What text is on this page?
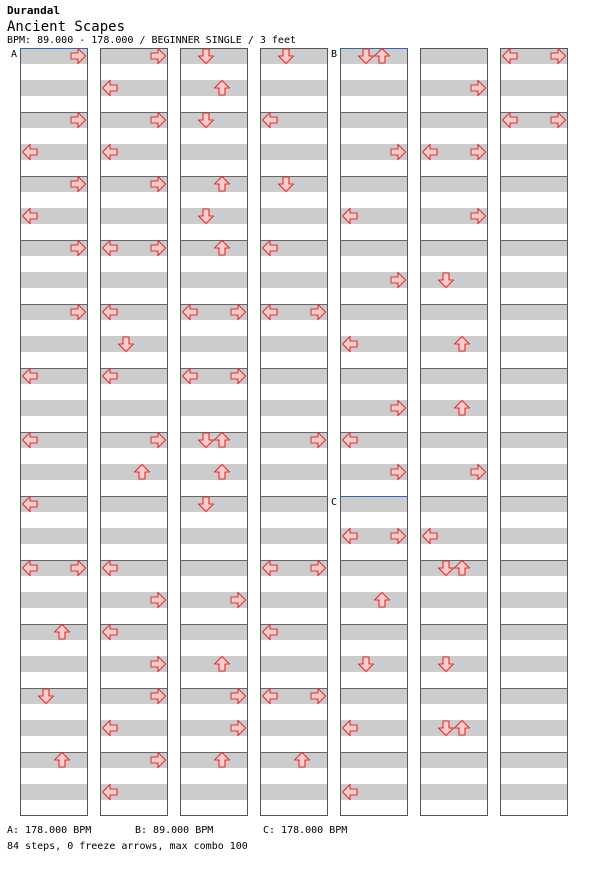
Durandal
Ancient Scapes
BPM: 89.000 - 178.000 / BEGINNER SINGLE / 3 feet
A	B
C
A: 178.000 BPM	B: 89.000 BPM	C: 178.000 BPM
84 steps, 0 freeze arrows, max combo 100
